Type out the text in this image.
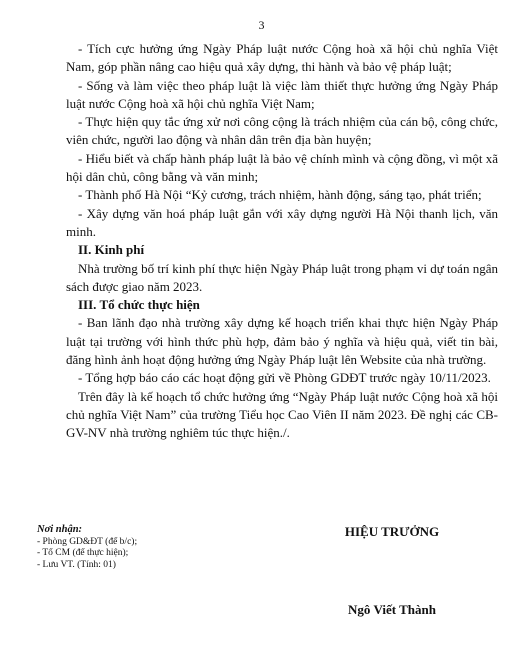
3

- Tích cực hưởng ứng Ngày Pháp luật nước Cộng hoà xã hội chủ nghĩa Việt Nam, góp phần nâng cao hiệu quả xây dựng, thi hành và bảo vệ pháp luật;

- Sống và làm việc theo pháp luật là việc làm thiết thực hưởng ứng Ngày Pháp luật nước Cộng hoà xã hội chủ nghĩa Việt Nam;

- Thực hiện quy tắc ứng xử nơi công cộng là trách nhiệm của cán bộ, công chức, viên chức, người lao động và nhân dân trên địa bàn huyện;

- Hiểu biết và chấp hành pháp luật là bảo vệ chính mình và cộng đồng, vì một xã hội dân chủ, công bằng và văn minh;

- Thành phố Hà Nội “Kỷ cương, trách nhiệm, hành động, sáng tạo, phát triển;

- Xây dựng văn hoá pháp luật gắn với xây dựng người Hà Nội thanh lịch, văn minh.

II. Kinh phí

Nhà trường bố trí kinh phí thực hiện Ngày Pháp luật trong phạm vi dự toán ngân sách được giao năm 2023.

III. Tổ chức thực hiện

- Ban lãnh đạo nhà trường xây dựng kế hoạch triển khai thực hiện Ngày Pháp luật tại trường với hình thức phù hợp, đảm bảo ý nghĩa và hiệu quả, viết tin bài, đăng hình ảnh hoạt động hưởng ứng Ngày Pháp luật lên Website của nhà trường.

- Tổng hợp báo cáo các hoạt động gửi về Phòng GDĐT trước ngày 10/11/2023.

Trên đây là kế hoạch tổ chức hưởng ứng “Ngày Pháp luật nước Cộng hoà xã hội chủ nghĩa Việt Nam” của trường Tiểu học Cao Viên II năm 2023. Đề nghị các CB-GV-NV nhà trường nghiêm túc thực hiện./.

Nơi nhận:
- Phòng GD&ĐT (để b/c);
- Tổ CM (để thực hiện);
- Lưu VT. (Tính: 01)
HIỆU TRƯỞNG
Ngô Viết Thành
